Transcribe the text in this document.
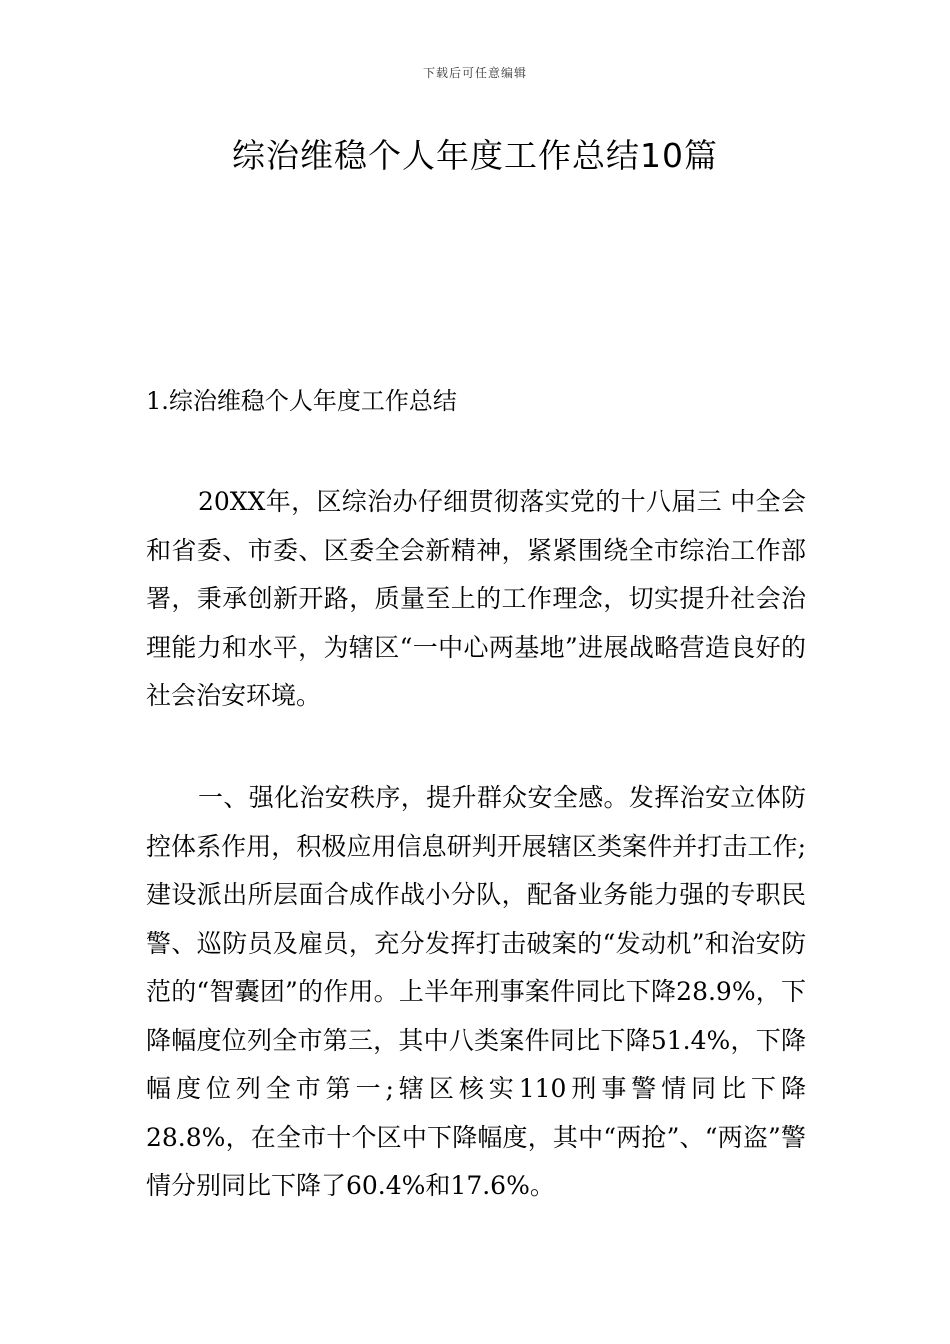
下载后可任意编辑
综治维稳个人年度工作总结10篇
1.综治维稳个人年度工作总结

20XX年，区综治办仔细贯彻落实党的十八届三 中全会和省委、市委、区委全会新精神，紧紧围绕全市综治工作部署，秉承创新开路，质量至上的工作理念，切实提升社会治理能力和水平，为辖区“一中心两基地”进展战略营造良好的社会治安环境。

一、强化治安秩序，提升群众安全感。发挥治安立体防控体系作用，积极应用信息研判开展辖区类案件并打击工作;建设派出所层面合成作战小分队，配备业务能力强的专职民警、巡防员及雇员，充分发挥打击破案的“发动机”和治安防范的“智囊团”的作用。上半年刑事案件同比下降28.9%，下降幅度位列全市第三，其中八类案件同比下降51.4%，下降幅度位列全市第一;辖区核实110刑事警情同比下降28.8%，在全市十个区中下降幅度，其中“两抢”、“两盗”警情分别同比下降了60.4%和17.6%。
